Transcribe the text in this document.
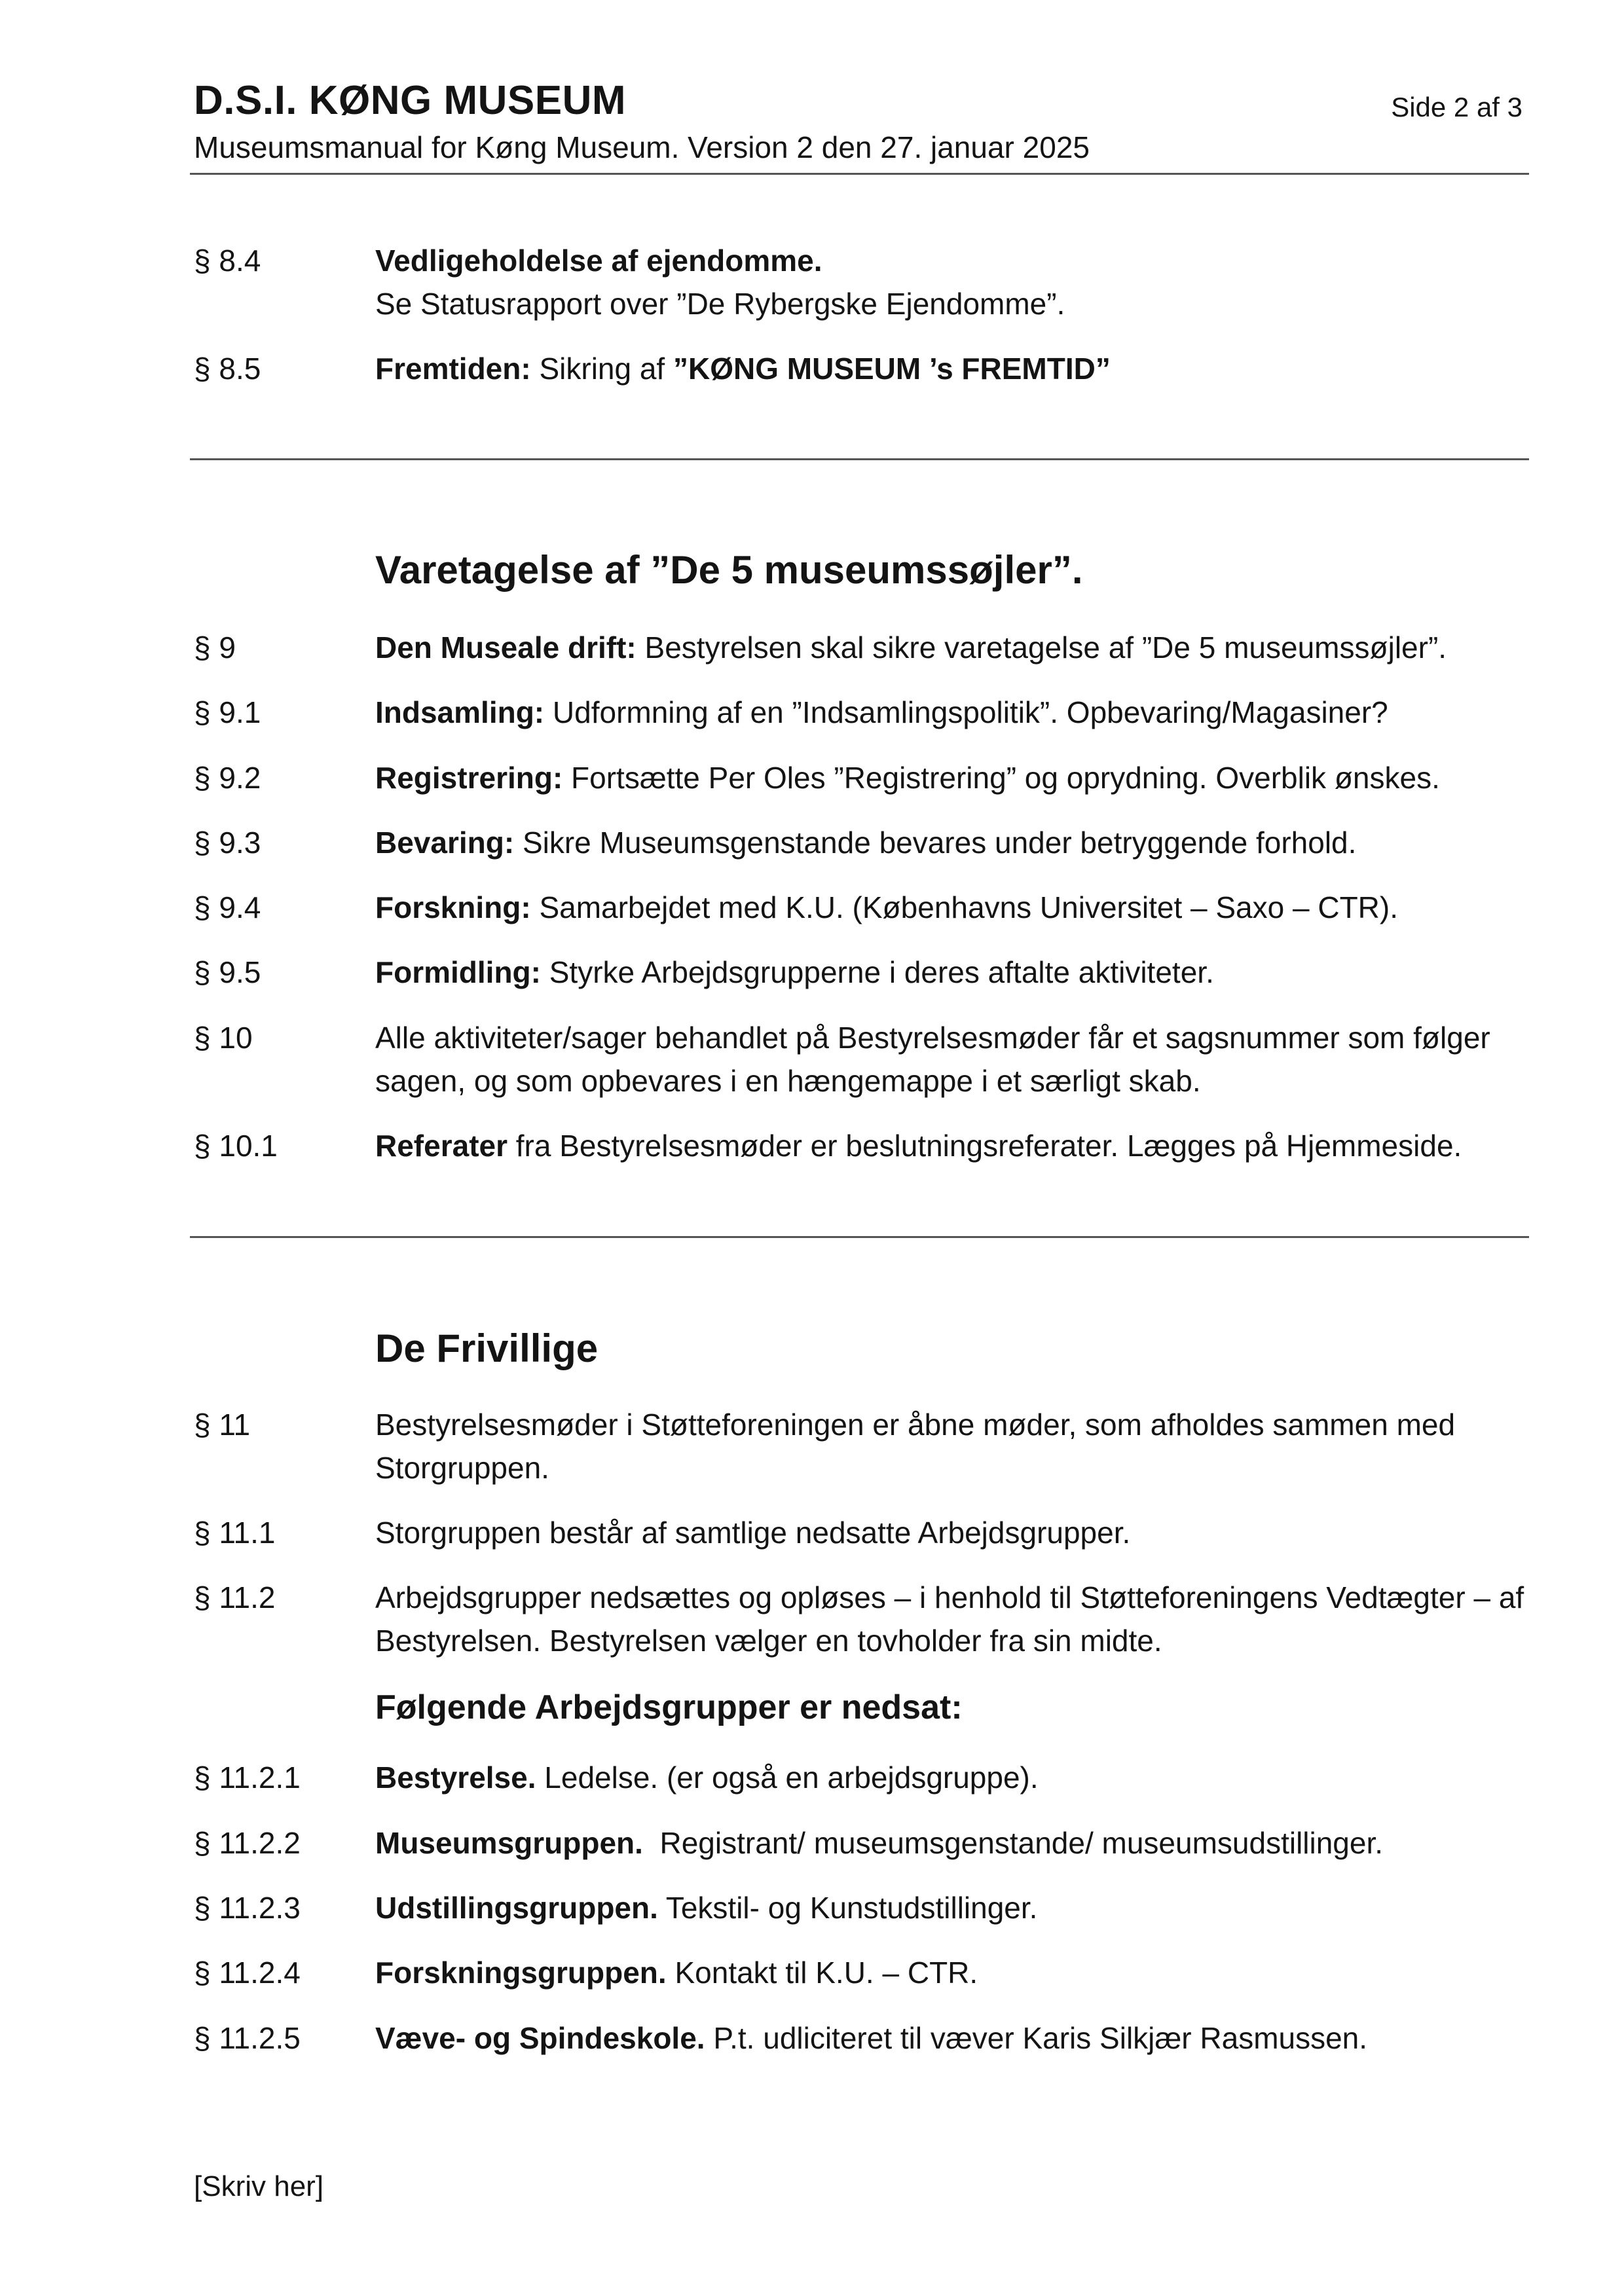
D.S.I. KØNG MUSEUM	Side 2 af 3
Museumsmanual for Køng Museum. Version 2 den 27. januar 2025
§ 8.4	Vedligeholdelse af ejendomme.
Se Statusrapport over ”De Rybergske Ejendomme”.
§ 8.5	Fremtiden: Sikring af ”KØNG MUSEUM ’s FREMTID”
Varetagelse af ”De 5 museumssøjler”.
§ 9	Den Museale drift: Bestyrelsen skal sikre varetagelse af ”De 5 museumssøjler”.
§ 9.1	Indsamling: Udformning af en ”Indsamlingspolitik”. Opbevaring/Magasiner?
§ 9.2	Registrering: Fortsætte Per Oles ”Registrering” og oprydning. Overblik ønskes.
§ 9.3	Bevaring: Sikre Museumsgenstande bevares under betryggende forhold.
§ 9.4	Forskning: Samarbejdet med K.U. (Københavns Universitet – Saxo – CTR).
§ 9.5	Formidling: Styrke Arbejdsgrupperne i deres aftalte aktiviteter.
§ 10	Alle aktiviteter/sager behandlet på Bestyrelsesmøder får et sagsnummer som følger sagen, og som opbevares i en hængemappe i et særligt skab.
§ 10.1	Referater fra Bestyrelsesmøder er beslutningsreferater. Lægges på Hjemmeside.
De Frivillige
§ 11	Bestyrelsesmøder i Støtteforeningen er åbne møder, som afholdes sammen med Storgruppen.
§ 11.1	Storgruppen består af samtlige nedsatte Arbejdsgrupper.
§ 11.2	Arbejdsgrupper nedsættes og opløses – i henhold til Støtteforeningens Vedtægter – af Bestyrelsen. Bestyrelsen vælger en tovholder fra sin midte.
Følgende Arbejdsgrupper er nedsat:
§ 11.2.1 Bestyrelse. Ledelse. (er også en arbejdsgruppe).
§ 11.2.2 Museumsgruppen.  Registrant/ museumsgenstande/ museumsudstillinger.
§ 11.2.3 Udstillingsgruppen. Tekstil- og Kunstudstillinger.
§ 11.2.4 Forskningsgruppen. Kontakt til K.U. – CTR.
§ 11.2.5 Væve- og Spindeskole. P.t. udliciteret til væver Karis Silkjær Rasmussen.
[Skriv her]
